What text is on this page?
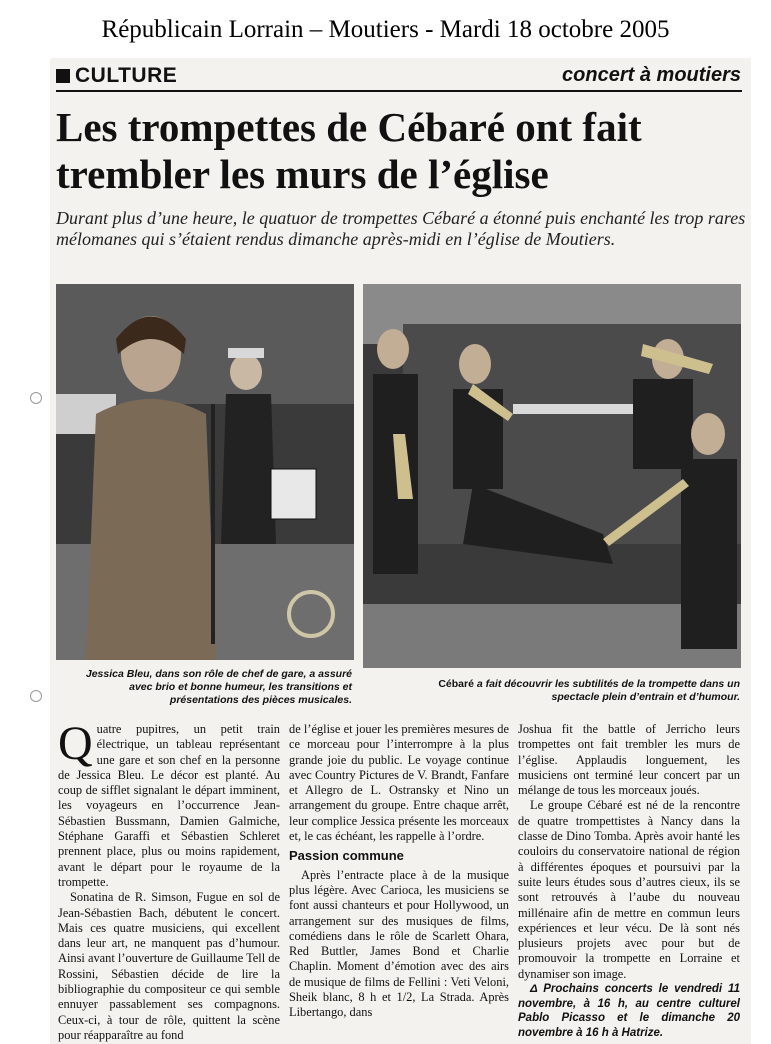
Républicain Lorrain – Moutiers - Mardi 18 octobre 2005
CULTURE	concert à moutiers
Les trompettes de Cébaré ont fait trembler les murs de l’église
Durant plus d’une heure, le quatuor de trompettes Cébaré a étonné puis enchanté les trop rares mélomanes qui s’étaient rendus dimanche après-midi en l’église de Moutiers.
Jessica Bleu, dans son rôle de chef de gare, a assuré avec brio et bonne humeur, les transitions et présentations des pièces musicales.
Cébaré a fait découvrir les subtilités de la trompette dans un spectacle plein d’entrain et d’humour.

Quatre pupitres, un petit train électrique, un tableau représentant une gare et son chef en la personne de Jessica Bleu. Le décor est planté. Au coup de sifflet signalant le départ imminent, les voyageurs en l’occurrence Jean-Sébastien Bussmann, Damien Galmiche, Stéphane Garaffi et Sébastien Schleret prennent place, plus ou moins rapidement, avant le départ pour le royaume de la trompette.

Sonatina de R. Simson, Fugue en sol de Jean-Sébastien Bach, débutent le concert. Mais ces quatre musiciens, qui excellent dans leur art, ne manquent pas d’humour. Ainsi avant l’ouverture de Guillaume Tell de Rossini, Sébastien décide de lire la bibliographie du compositeur ce qui semble ennuyer passablement ses compagnons. Ceux-ci, à tour de rôle, quittent la scène pour réapparaître au fond

de l’église et jouer les premières mesures de ce morceau pour l’interrompre à la plus grande joie du public. Le voyage continue avec Country Pictures de V. Brandt, Fanfare et Allegro de L. Ostransky et Nino un arrangement du groupe. Entre chaque arrêt, leur complice Jessica présente les morceaux et, le cas échéant, les rappelle à l’ordre.

Passion commune

Après l’entracte place à de la musique plus légère. Avec Carioca, les musiciens se font aussi chanteurs et pour Hollywood, un arrangement sur des musiques de films, comédiens dans le rôle de Scarlett Ohara, Red Buttler, James Bond et Charlie Chaplin. Moment d’émotion avec des airs de musique de films de Fellini : Veti Veloni, Sheik blanc, 8 h et 1/2, La Strada. Après Libertango, dans

Joshua fit the battle of Jerricho leurs trompettes ont fait trembler les murs de l’église. Applaudis longuement, les musiciens ont terminé leur concert par un mélange de tous les morceaux joués.

Le groupe Cébaré est né de la rencontre de quatre trompettistes à Nancy dans la classe de Dino Tomba. Après avoir hanté les couloirs du conservatoire national de région à différentes époques et poursuivi par la suite leurs études sous d’autres cieux, ils se sont retrouvés à l’aube du nouveau millénaire afin de mettre en commun leurs expériences et leur vécu. De là sont nés plusieurs projets avec pour but de promouvoir la trompette en Lorraine et dynamiser son image.

Δ Prochains concerts le vendredi 11 novembre, à 16 h, au centre culturel Pablo Picasso et le dimanche 20 novembre à 16 h à Hatrize.
